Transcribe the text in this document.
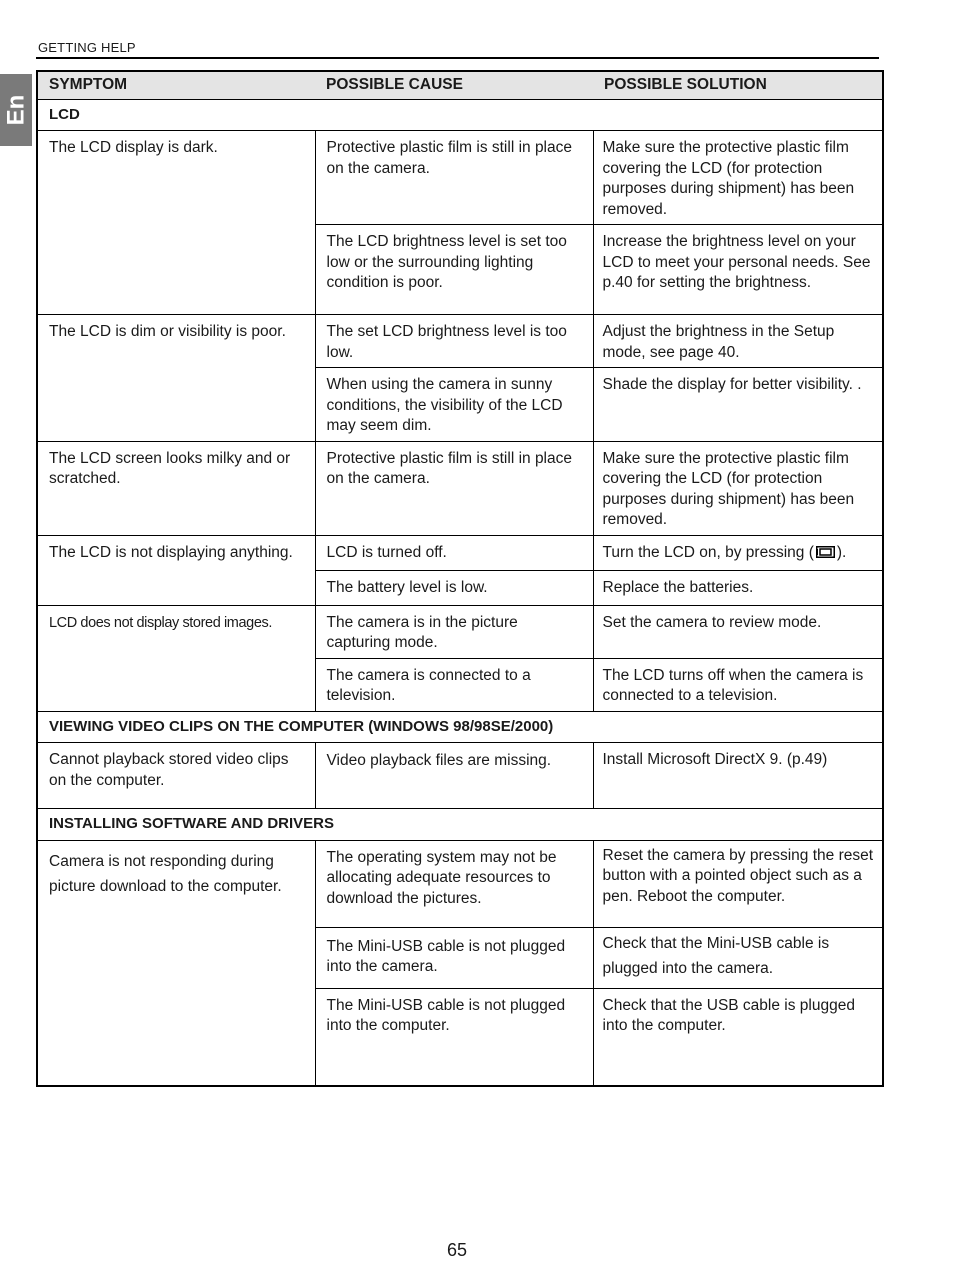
GETTING HELP
En
SYMPTOM	POSSIBLE CAUSE	POSSIBLE SOLUTION
LCD		
The LCD display is dark.	Protective plastic film is still in place on the camera.	Make sure the protective plastic film covering the LCD (for protection purposes during shipment) has been removed.
	The LCD brightness level is set too low or the surrounding lighting condition is poor.	Increase the brightness level on your LCD to meet your personal needs. See p.40 for setting the brightness.
The LCD is dim or visibility is poor.	The set LCD brightness level is too low.	Adjust the brightness in the Setup mode, see page 40.
	When using the camera in sunny conditions, the visibility of the LCD may seem dim.	Shade the display for better visibility. .
The LCD screen looks milky and or scratched.	Protective plastic film is still in place on the camera.	Make sure the protective plastic film covering the LCD (for protection purposes during shipment) has been removed.
The LCD is not displaying anything.	LCD is turned off.	Turn the LCD on, by pressing ( ).
	The battery level is low.	Replace the batteries.
LCD does not display stored images.	The camera is in the picture capturing mode.	Set the camera to review mode.
	The camera is connected to a television.	The LCD turns off when the camera is connected to a television.
VIEWING VIDEO CLIPS ON THE COMPUTER (WINDOWS 98/98SE/2000)		
Cannot playback stored video clips on the computer.	Video playback files are missing.	Install Microsoft DirectX 9. (p.49)
INSTALLING SOFTWARE AND DRIVERS		
Camera is not responding during picture download to the computer.	The operating system may not be allocating adequate resources to download the pictures.	Reset the camera by pressing the reset button with a pointed object such as a pen. Reboot the computer.
	The Mini-USB cable is not plugged into the camera.	Check that the Mini-USB cable is plugged into the camera.
	The Mini-USB cable is not plugged into the computer.	Check that the USB cable is plugged into the computer.
65
